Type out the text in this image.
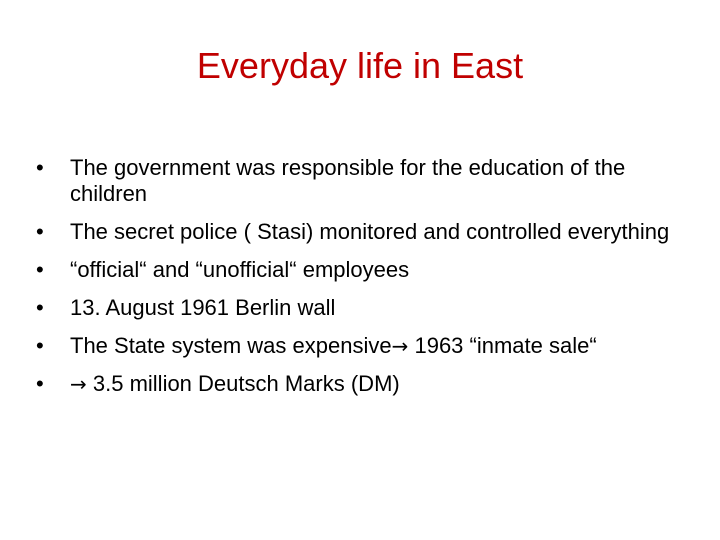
Everyday life in East
•	The government was responsible for the education of the children
•	The secret police ( Stasi) monitored and controlled everything
•	“official“ and “unofficial“ employees
•	13. August 1961 Berlin wall
•	The State system was expensive→ 1963 “inmate sale“
•	→ 3.5 million Deutsch Marks (DM)
